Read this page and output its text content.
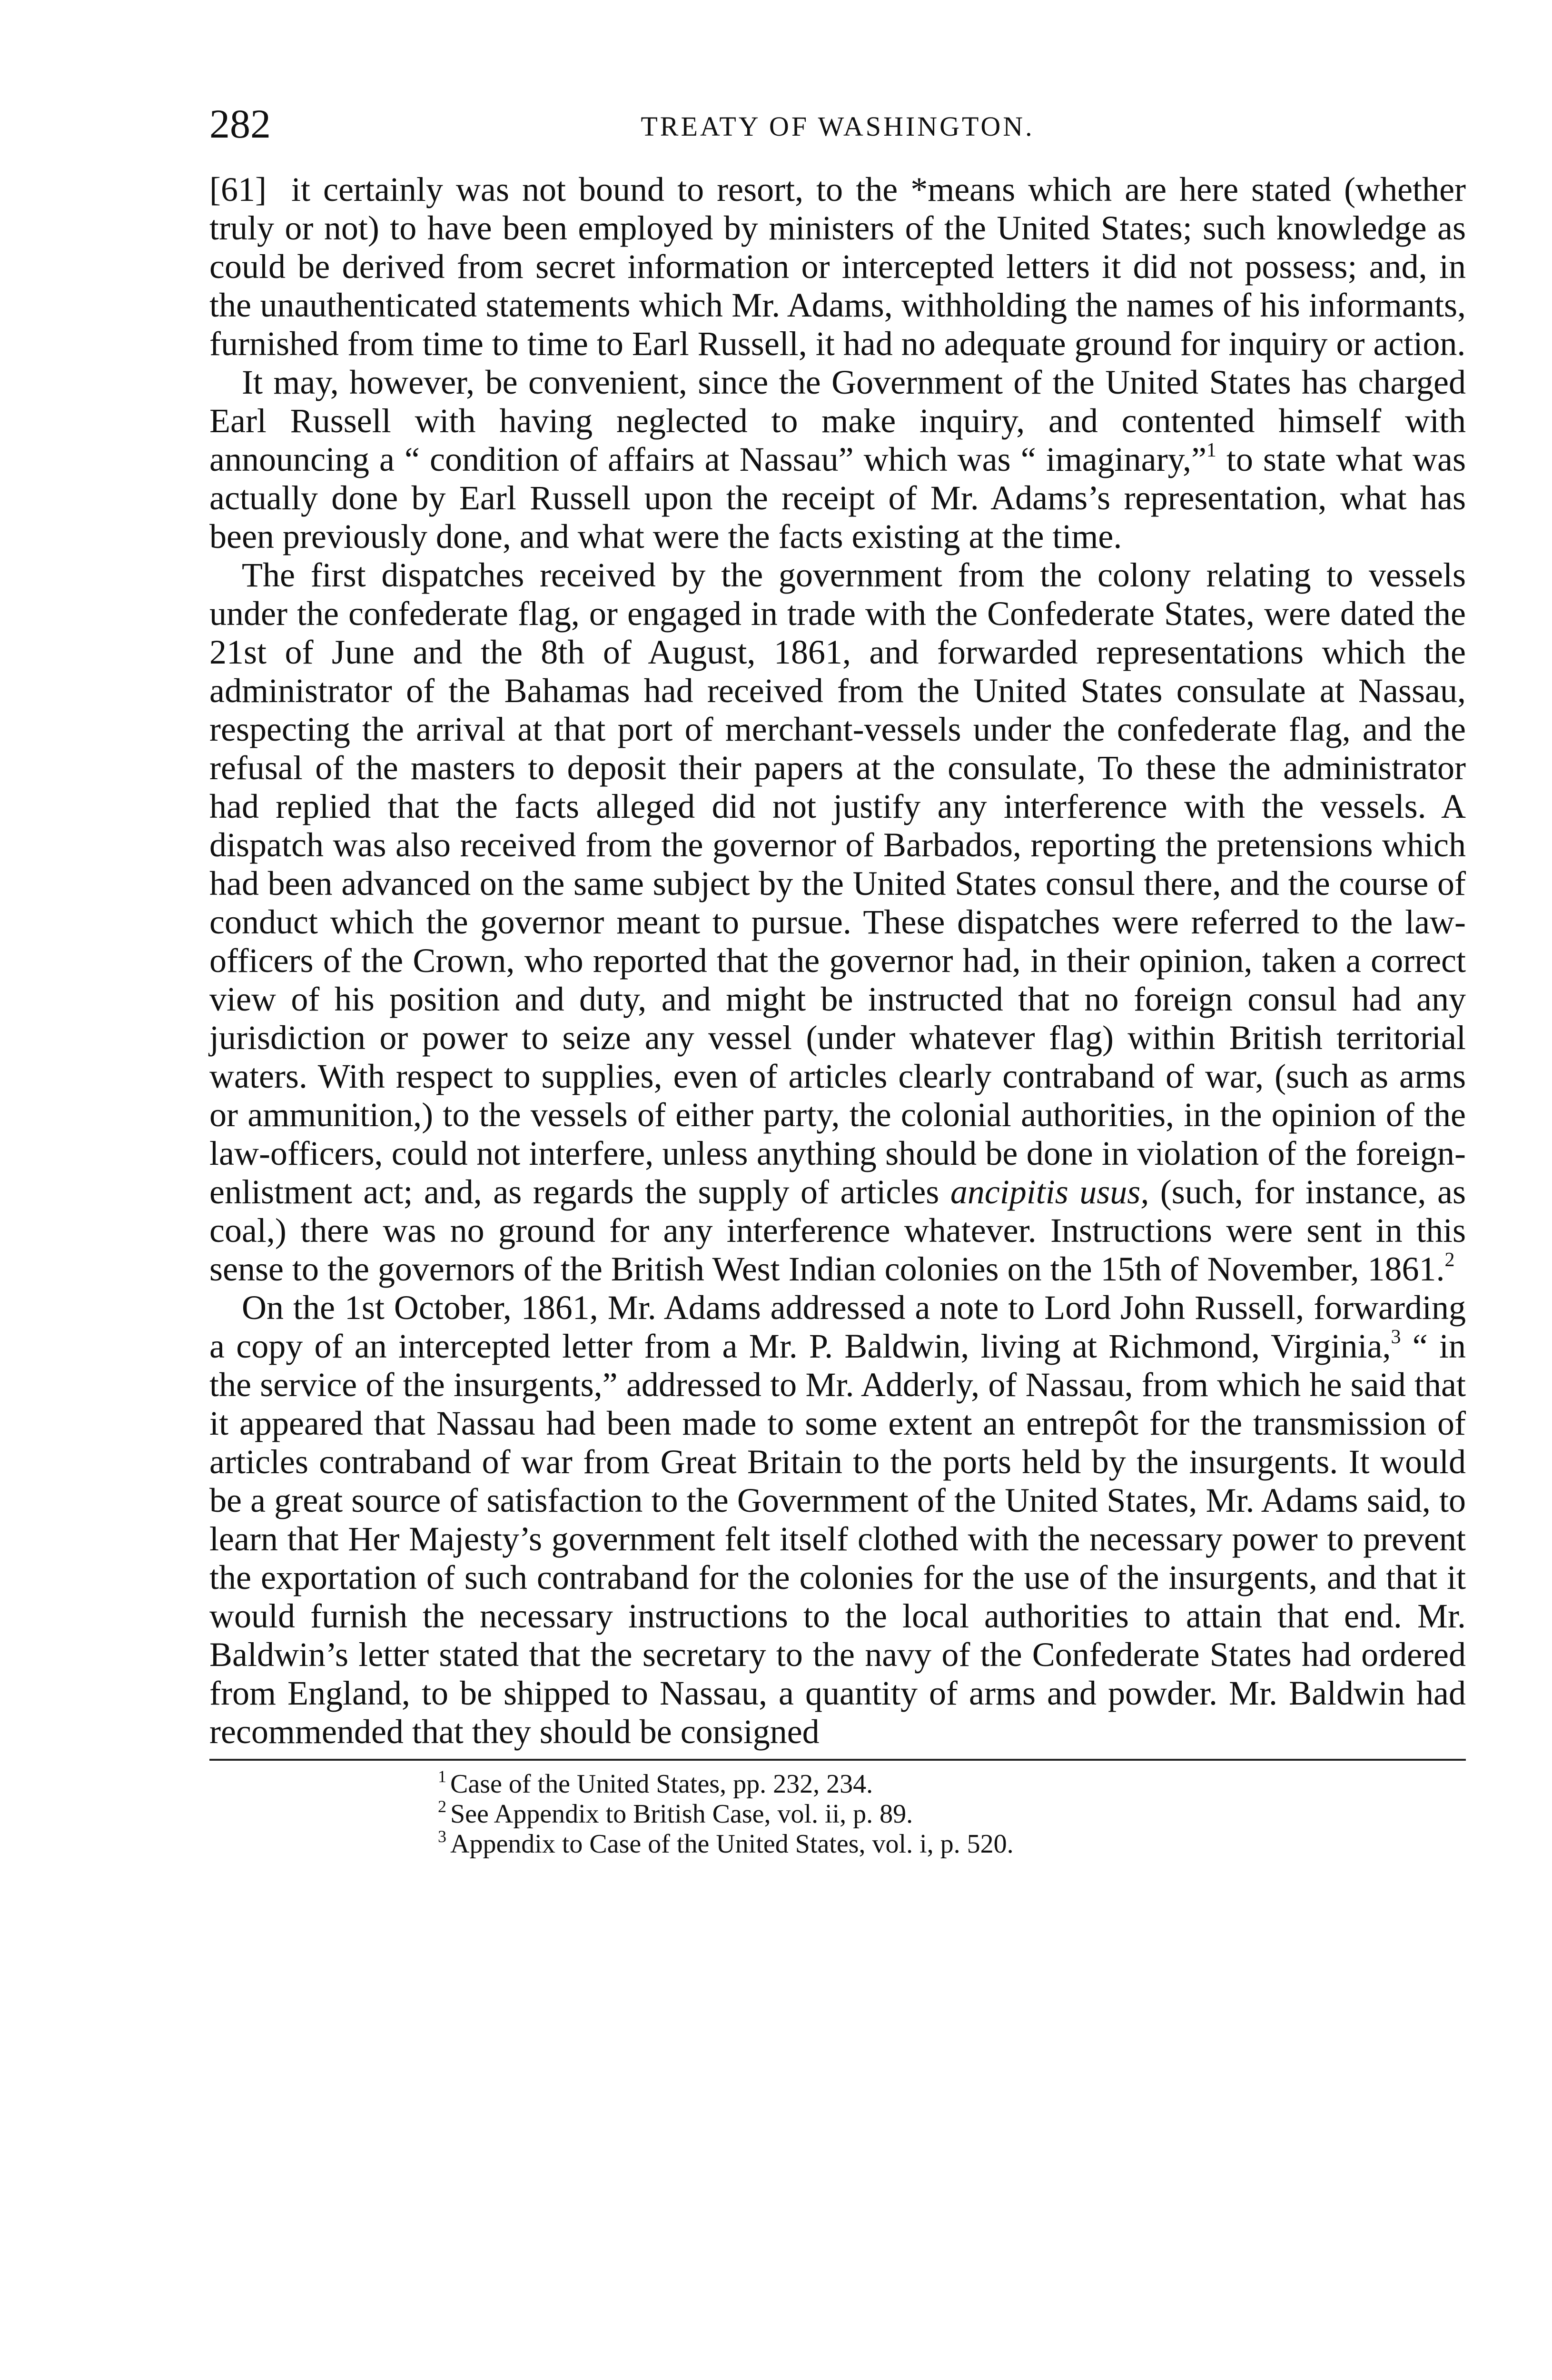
282	TREATY OF WASHINGTON.

[61] it certainly was not bound to resort, to the *means which are here stated (whether truly or not) to have been employed by ministers of the United States; such knowledge as could be derived from secret information or intercepted letters it did not possess; and, in the unauthenticated statements which Mr. Adams, withholding the names of his informants, furnished from time to time to Earl Russell, it had no adequate ground for inquiry or action.

It may, however, be convenient, since the Government of the United States has charged Earl Russell with having neglected to make inquiry, and contented himself with announcing a “ condition of affairs at Nassau” which was “ imaginary,”$^1$ to state what was actually done by Earl Russell upon the receipt of Mr. Adams’s representation, what has been previously done, and what were the facts existing at the time.

The first dispatches received by the government from the colony relating to vessels under the confederate flag, or engaged in trade with the Confederate States, were dated the 21st of June and the 8th of August, 1861, and forwarded representations which the administrator of the Bahamas had received from the United States consulate at Nassau, respecting the arrival at that port of merchant-vessels under the confederate flag, and the refusal of the masters to deposit their papers at the consulate, To these the administrator had replied that the facts alleged did not justify any interference with the vessels. A dispatch was also received from the governor of Barbados, reporting the pretensions which had been advanced on the same subject by the United States consul there, and the course of conduct which the governor meant to pursue. These dispatches were referred to the law-officers of the Crown, who reported that the governor had, in their opinion, taken a correct view of his position and duty, and might be instructed that no foreign consul had any jurisdiction or power to seize any vessel (under whatever flag) within British territorial waters. With respect to supplies, even of articles clearly contraband of war, (such as arms or ammunition,) to the vessels of either party, the colonial authorities, in the opinion of the law-officers, could not interfere, unless anything should be done in violation of the foreign-enlistment act; and, as regards the supply of articles ancipitis usus, (such, for instance, as coal,) there was no ground for any interference whatever. Instructions were sent in this sense to the governors of the British West Indian colonies on the 15th of November, 1861.$^2$

On the 1st October, 1861, Mr. Adams addressed a note to Lord John Russell, forwarding a copy of an intercepted letter from a Mr. P. Baldwin, living at Richmond, Virginia,$^3$ “ in the service of the insurgents,” addressed to Mr. Adderly, of Nassau, from which he said that it appeared that Nassau had been made to some extent an entrepôt for the transmission of articles contraband of war from Great Britain to the ports held by the insurgents. It would be a great source of satisfaction to the Government of the United States, Mr. Adams said, to learn that Her Majesty’s government felt itself clothed with the necessary power to prevent the exportation of such contraband for the colonies for the use of the insurgents, and that it would furnish the necessary instructions to the local authorities to attain that end. Mr. Baldwin’s letter stated that the secretary to the navy of the Confederate States had ordered from England, to be shipped to Nassau, a quantity of arms and powder. Mr. Baldwin had recommended that they should be consigned

$^1$ Case of the United States, pp. 232, 234.
$^2$ See Appendix to British Case, vol. ii, p. 89.
$^3$ Appendix to Case of the United States, vol. i, p. 520.
